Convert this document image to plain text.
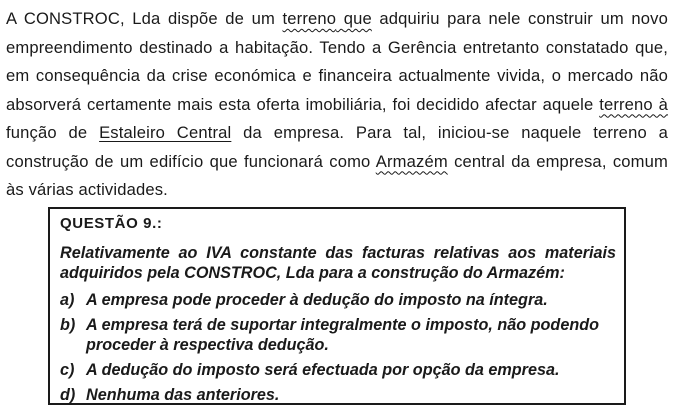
A CONSTROC, Lda dispõe de um terreno que adquiriu para nele construir um novo
empreendimento destinado a habitação. Tendo a Gerência entretanto constatado que,
em consequência da crise económica e financeira actualmente vivida, o mercado não
absorverá certamente mais esta oferta imobiliária, foi decidido afectar aquele terreno à
função de Estaleiro Central da empresa. Para tal, iniciou-se naquele terreno a
construção de um edifício que funcionará como Armazém central da empresa, comum
às várias actividades.
QUESTÃO 9.:
Relativamente ao IVA constante das facturas relativas aos materiais
adquiridos pela CONSTROC, Lda para a construção do Armazém:
a) A empresa pode proceder à dedução do imposto na íntegra.
b) A empresa terá de suportar integralmente o imposto, não podendo
proceder à respectiva dedução.
c) A dedução do imposto será efectuada por opção da empresa.
d) Nenhuma das anteriores.
